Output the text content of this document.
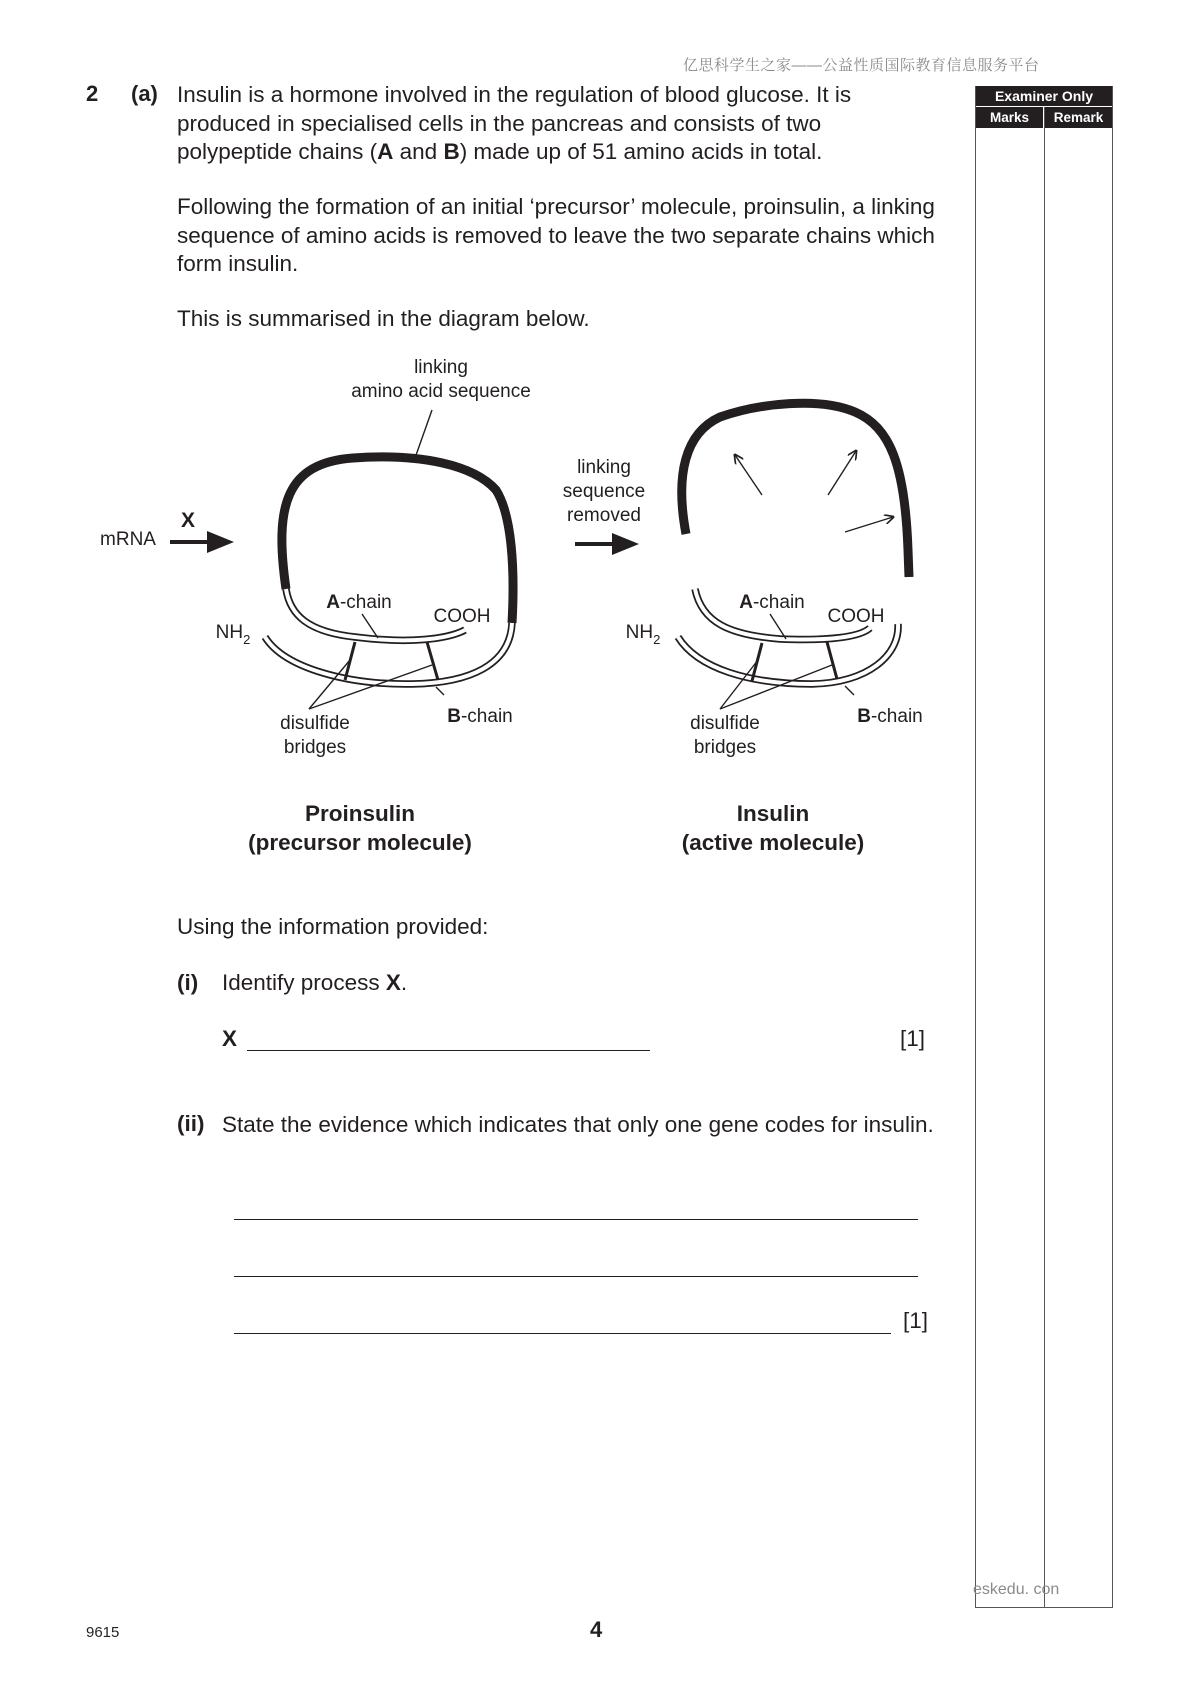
亿思科学生之家——公益性质国际教育信息服务平台
2 (a) Insulin is a hormone involved in the regulation of blood glucose. It is produced in specialised cells in the pancreas and consists of two polypeptide chains (A and B) made up of 51 amino acids in total.
Following the formation of an initial ‘precursor’ molecule, proinsulin, a linking sequence of amino acids is removed to leave the two separate chains which form insulin.
This is summarised in the diagram below.
Examiner Only
Marks	Remark
linking
amino acid sequence
X
mRNA
A-chain
COOH
$NH_2$
B-chain
disulfide
bridges
linking
sequence
removed
A-chain
COOH
$NH_2$
B-chain
disulfide
bridges
Proinsulin
(precursor molecule)
Insulin
(active molecule)
Using the information provided:
(i) Identify process X.
X	[1]
(ii) State the evidence which indicates that only one gene codes for insulin.
[1]
eskedu. con
9615	4
